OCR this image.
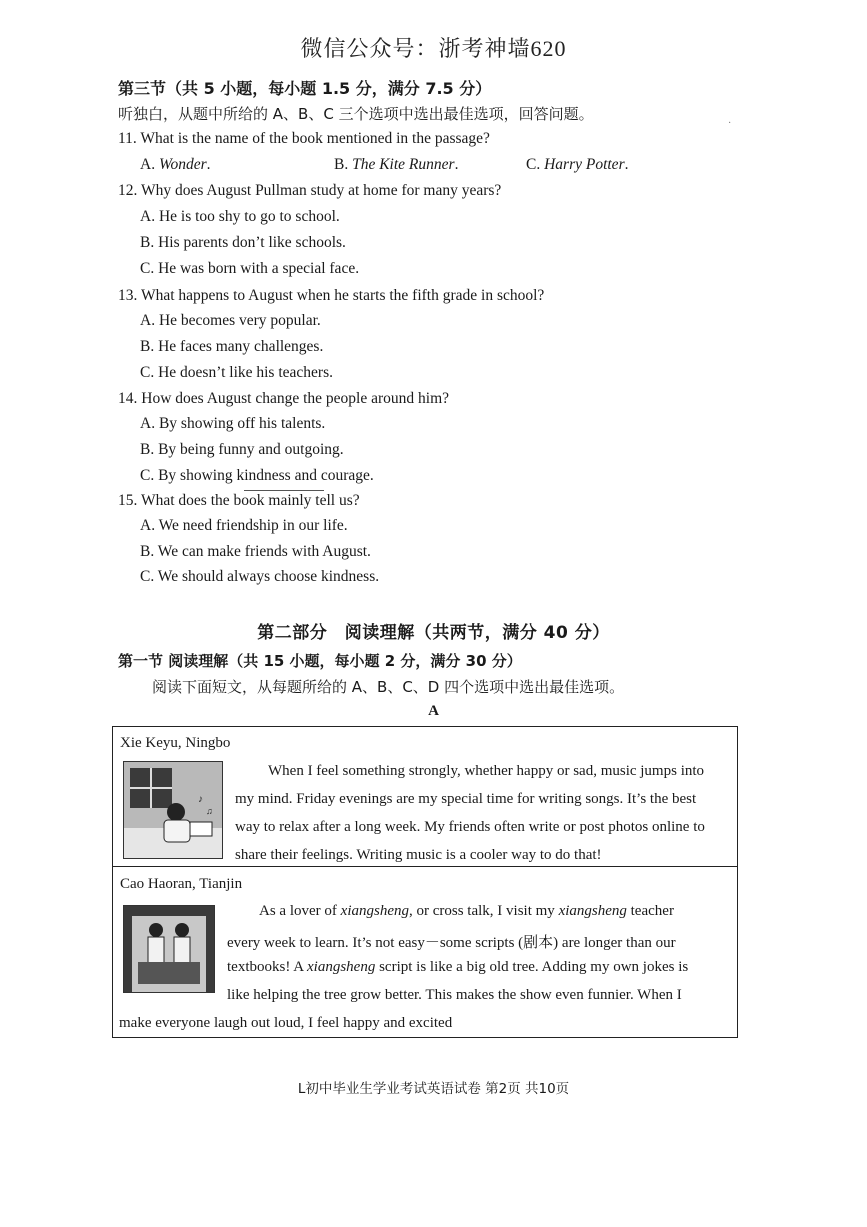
微信公众号：浙考神墙620
第三节（共 5 小题，每小题 1.5 分，满分 7.5 分）
听独白，从题中所给的 A、B、C 三个选项中选出最佳选项，回答问题。
·
11. What is the name of the book mentioned in the passage?
A. Wonder.	B. The Kite Runner.	C. Harry Potter.
12. Why does August Pullman study at home for many years?
A. He is too shy to go to school.
B. His parents don’t like schools.
C. He was born with a special face.
13. What happens to August when he starts the fifth grade in school?
A. He becomes very popular.
B. He faces many challenges.
C. He doesn’t like his teachers.
14. How does August change the people around him?
A. By showing off his talents.
B. By being funny and outgoing.
C. By showing kindness and courage.
15. What does the book mainly tell us?
A. We need friendship in our life.
B. We can make friends with August.
C. We should always choose kindness.
第二部分　阅读理解（共两节，满分 40 分）
第一节 阅读理解（共 15 小题，每小题 2 分，满分 30 分）
阅读下面短文，从每题所给的 A、B、C、D 四个选项中选出最佳选项。
A
Xie Keyu, Ningbo
♪
♫
When I feel something strongly, whether happy or sad, music jumps into
my mind. Friday evenings are my special time for writing songs. It’s the best
way to relax after a long week. My friends often write or post photos online to
share their feelings. Writing music is a cooler way to do that!
Cao Haoran, Tianjin
As a lover of xiangsheng, or cross talk, I visit my xiangsheng teacher
every week to learn. It’s not easy－some scripts (剧本) are longer than our
textbooks! A xiangsheng script is like a big old tree. Adding my own jokes is
like helping the tree grow better. This makes the show even funnier. When I
make everyone laugh out loud, I feel happy and excited
L初中毕业生学业考试英语试卷 第2页 共10页
